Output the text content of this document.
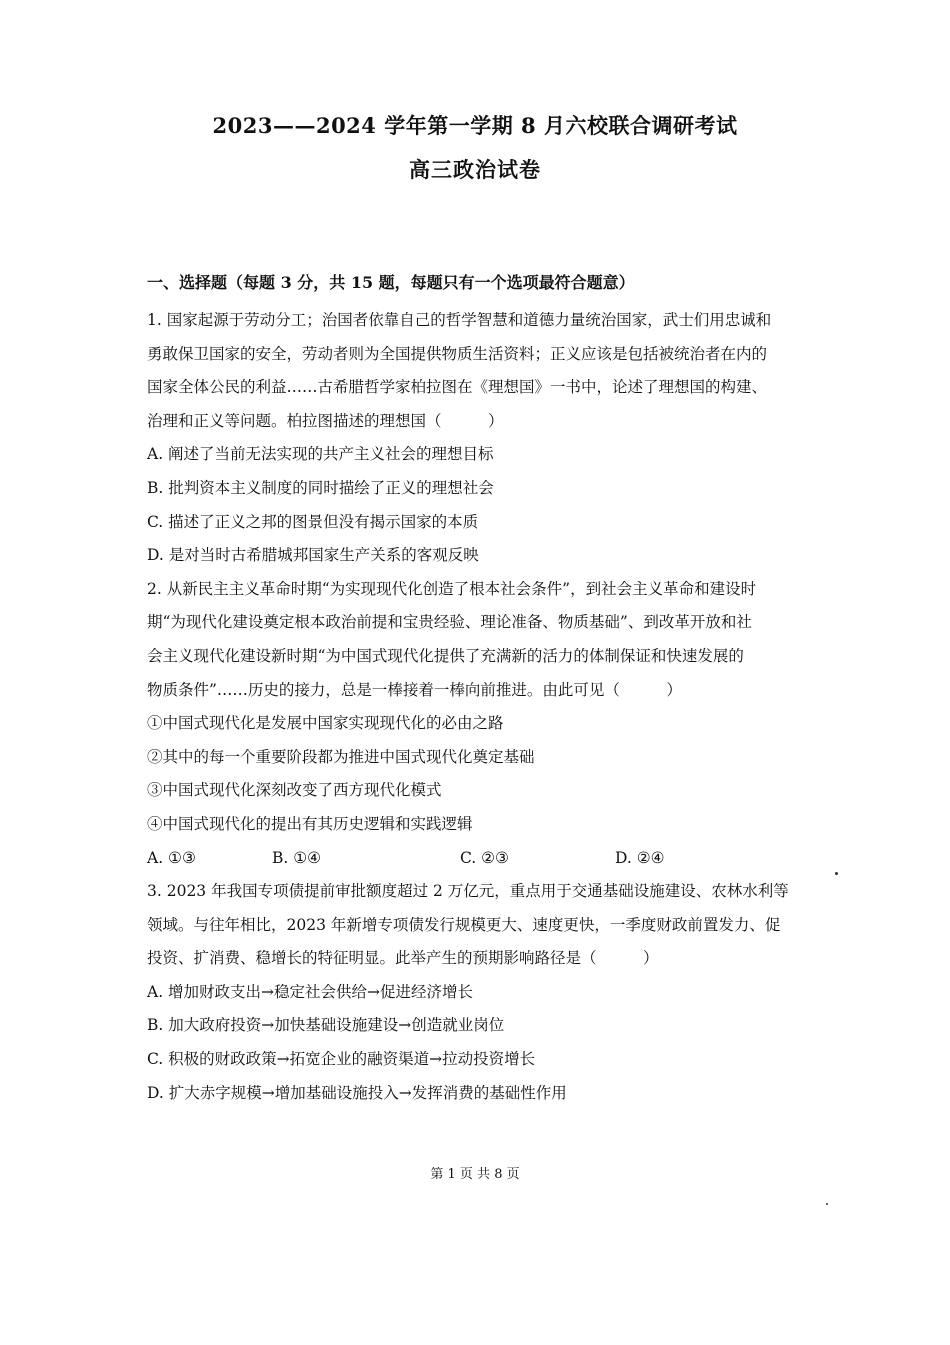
2023——2024 学年第一学期 8 月六校联合调研考试
高三政治试卷
一、选择题（每题 3 分，共 15 题，每题只有一个选项最符合题意）
1. 国家起源于劳动分工；治国者依靠自己的哲学智慧和道德力量统治国家，武士们用忠诚和
勇敢保卫国家的安全，劳动者则为全国提供物质生活资料；正义应该是包括被统治者在内的
国家全体公民的利益……古希腊哲学家柏拉图在《理想国》一书中，论述了理想国的构建、
治理和正义等问题。柏拉图描述的理想国（　　　）
A. 阐述了当前无法实现的共产主义社会的理想目标
B. 批判资本主义制度的同时描绘了正义的理想社会
C. 描述了正义之邦的图景但没有揭示国家的本质
D. 是对当时古希腊城邦国家生产关系的客观反映
2. 从新民主主义革命时期“为实现现代化创造了根本社会条件”，到社会主义革命和建设时
期“为现代化建设奠定根本政治前提和宝贵经验、理论准备、物质基础”、到改革开放和社
会主义现代化建设新时期“为中国式现代化提供了充满新的活力的体制保证和快速发展的
物质条件”……历史的接力，总是一棒接着一棒向前推进。由此可见（　　　）
①中国式现代化是发展中国家实现现代化的必由之路
②其中的每一个重要阶段都为推进中国式现代化奠定基础
③中国式现代化深刻改变了西方现代化模式
④中国式现代化的提出有其历史逻辑和实践逻辑
A. ①③	B. ①④	C. ②③	D. ②④
3. 2023 年我国专项债提前审批额度超过 2 万亿元，重点用于交通基础设施建设、农林水利等
领域。与往年相比，2023 年新增专项债发行规模更大、速度更快，一季度财政前置发力、促
投资、扩消费、稳增长的特征明显。此举产生的预期影响路径是（　　　）
A. 增加财政支出→稳定社会供给→促进经济增长
B. 加大政府投资→加快基础设施建设→创造就业岗位
C. 积极的财政政策→拓宽企业的融资渠道→拉动投资增长
D. 扩大赤字规模→增加基础设施投入→发挥消费的基础性作用
第 1 页 共 8 页
